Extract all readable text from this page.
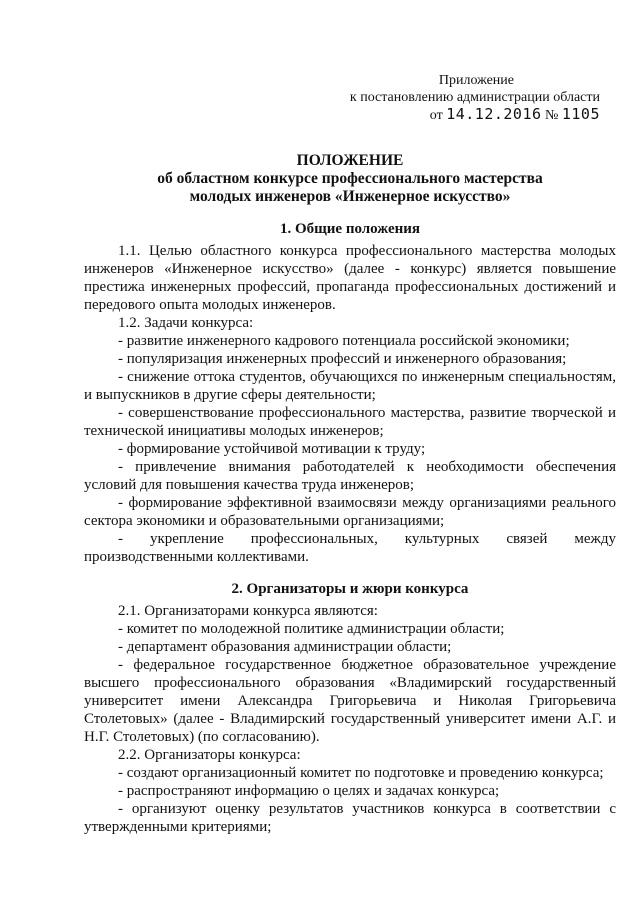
Приложение
к постановлению администрации области
от 14.12.2016 № 1105
ПОЛОЖЕНИЕ
об областном конкурсе профессионального мастерства
молодых инженеров «Инженерное искусство»
1. Общие положения

1.1. Целью областного конкурса профессионального мастерства молодых инженеров «Инженерное искусство» (далее - конкурс) является повышение престижа инженерных профессий, пропаганда профессиональных достижений и передового опыта молодых инженеров.

1.2. Задачи конкурса:

- развитие инженерного кадрового потенциала российской экономики;

- популяризация инженерных профессий и инженерного образования;

- снижение оттока студентов, обучающихся по инженерным специальностям, и выпускников в другие сферы деятельности;

- совершенствование профессионального мастерства, развитие творческой и технической инициативы молодых инженеров;

- формирование устойчивой мотивации к труду;

- привлечение внимания работодателей к необходимости обеспечения условий для повышения качества труда инженеров;

- формирование эффективной взаимосвязи между организациями реального сектора экономики и образовательными организациями;

- укрепление профессиональных, культурных связей между производственными коллективами.

2. Организаторы и жюри конкурса

2.1. Организаторами конкурса являются:

- комитет по молодежной политике администрации области;

- департамент образования администрации области;

- федеральное государственное бюджетное образовательное учреждение высшего профессионального образования «Владимирский государственный университет имени Александра Григорьевича и Николая Григорьевича Столетовых» (далее - Владимирский государственный университет имени А.Г. и Н.Г. Столетовых) (по согласованию).

2.2. Организаторы конкурса:

- создают организационный комитет по подготовке и проведению конкурса;

- распространяют информацию о целях и задачах конкурса;

- организуют оценку результатов участников конкурса в соответствии с утвержденными критериями;
